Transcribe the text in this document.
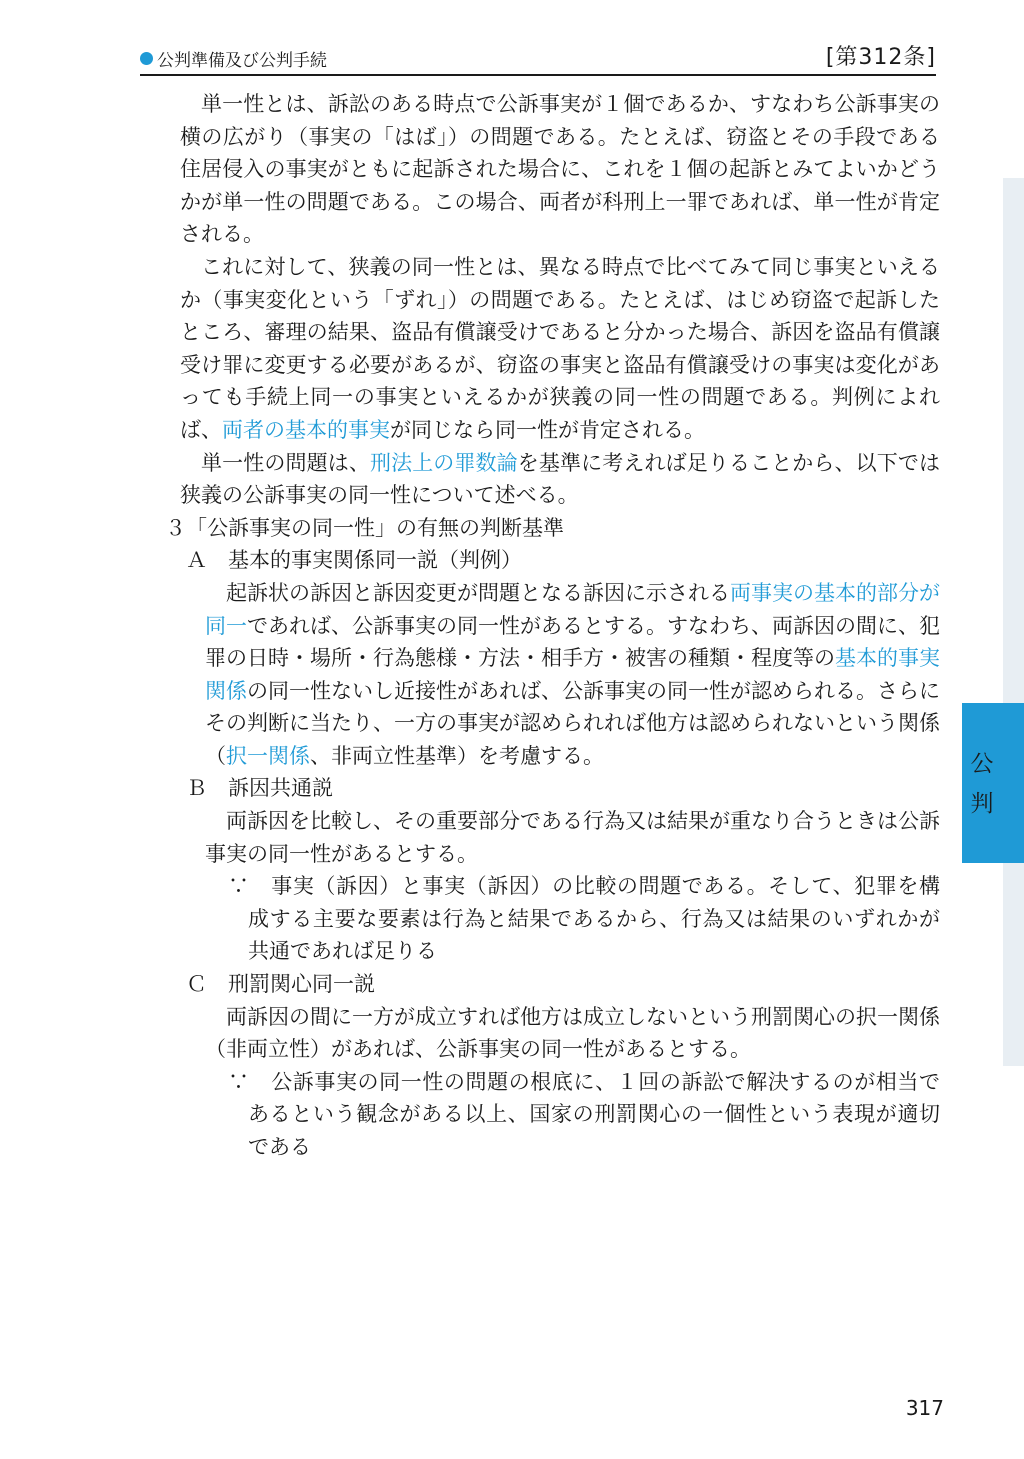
公判準備及び公判手続	[第312条]

単一性とは、訴訟のある時点で公訴事実が１個であるか、すなわち公訴事実の横の広がり（事実の「はば」）の問題である。たとえば、窃盗とその手段である住居侵入の事実がともに起訴された場合に、これを１個の起訴とみてよいかどうかが単一性の問題である。この場合、両者が科刑上一罪であれば、単一性が肯定される。

これに対して、狭義の同一性とは、異なる時点で比べてみて同じ事実といえるか（事実変化という「ずれ」）の問題である。たとえば、はじめ窃盗で起訴したところ、審理の結果、盗品有償譲受けであると分かった場合、訴因を盗品有償譲受け罪に変更する必要があるが、窃盗の事実と盗品有償譲受けの事実は変化があっても手続上同一の事実といえるかが狭義の同一性の問題である。判例によれば、両者の基本的事実が同じなら同一性が肯定される。

単一性の問題は、刑法上の罪数論を基準に考えれば足りることから、以下では狭義の公訴事実の同一性について述べる。

３「公訴事実の同一性」の有無の判断基準

Ａ　基本的事実関係同一説（判例）

起訴状の訴因と訴因変更が問題となる訴因に示される両事実の基本的部分が同一であれば、公訴事実の同一性があるとする。すなわち、両訴因の間に、犯罪の日時・場所・行為態様・方法・相手方・被害の種類・程度等の基本的事実関係の同一性ないし近接性があれば、公訴事実の同一性が認められる。さらにその判断に当たり、一方の事実が認められれば他方は認められないという関係（択一関係、非両立性基準）を考慮する。

Ｂ　訴因共通説

両訴因を比較し、その重要部分である行為又は結果が重なり合うときは公訴事実の同一性があるとする。

∵　事実（訴因）と事実（訴因）の比較の問題である。そして、犯罪を構成する主要な要素は行為と結果であるから、行為又は結果のいずれかが共通であれば足りる

Ｃ　刑罰関心同一説

両訴因の間に一方が成立すれば他方は成立しないという刑罰関心の択一関係（非両立性）があれば、公訴事実の同一性があるとする。

∵　公訴事実の同一性の問題の根底に、１回の訴訟で解決するのが相当であるという観念がある以上、国家の刑罰関心の一個性という表現が適切である

公
判
317
